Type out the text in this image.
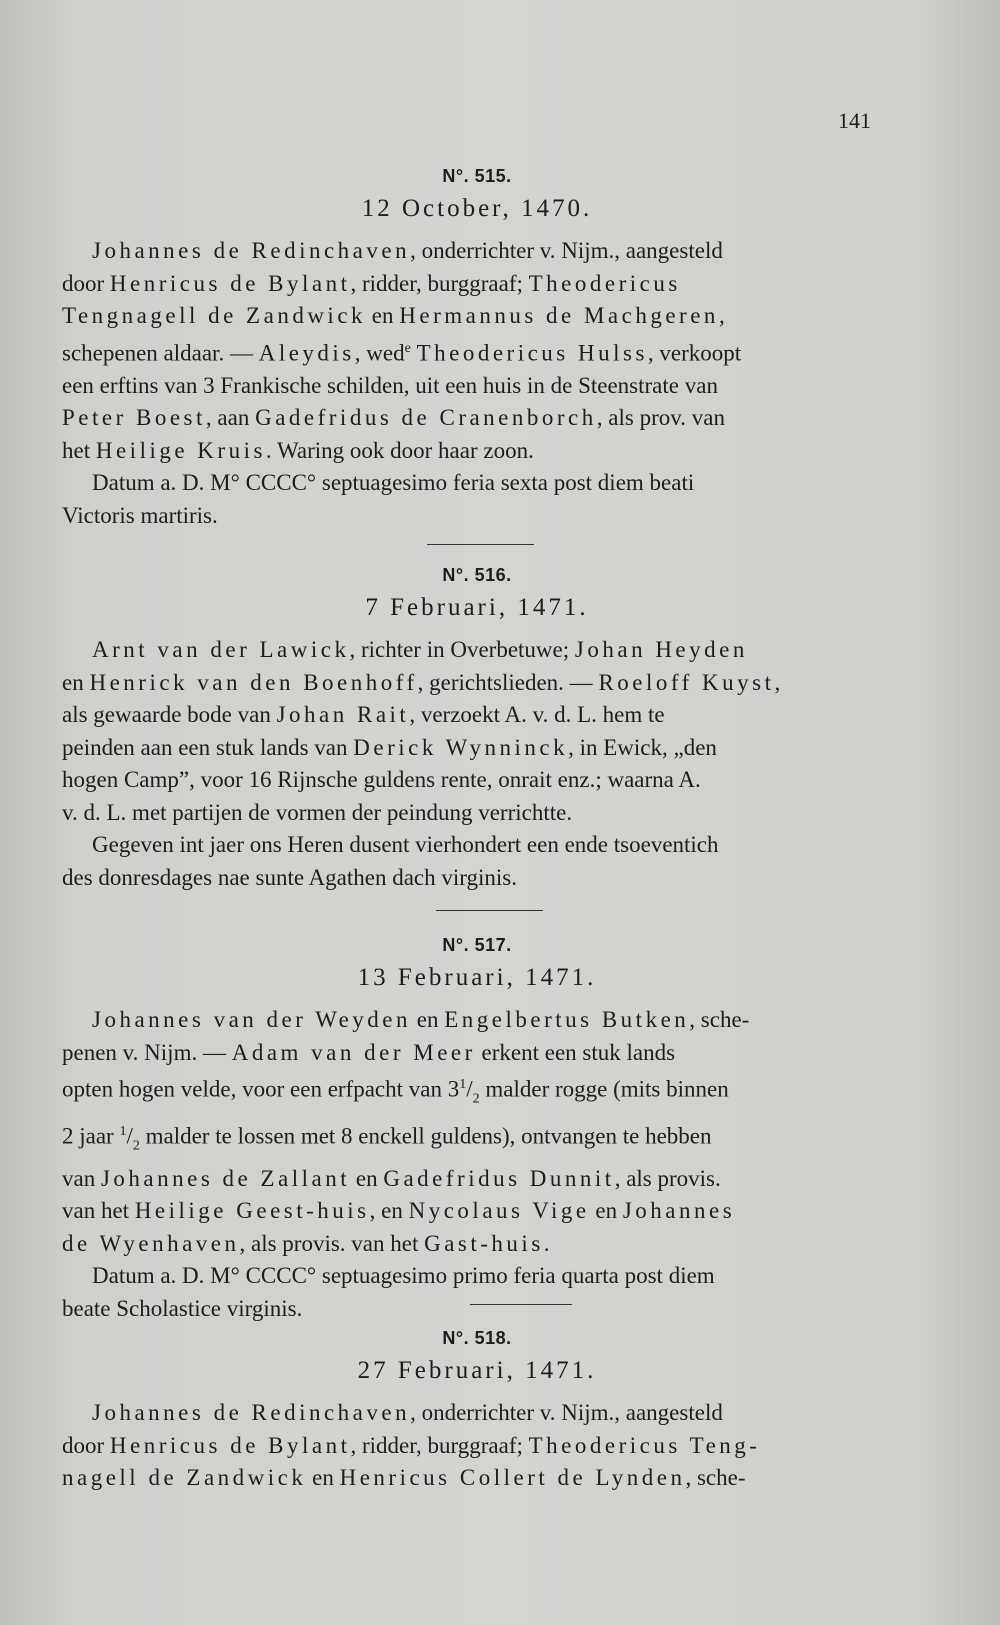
141
N°. 515.
12 October, 1470.

Johannes de Redinchaven, onderrichter v. Nijm., aangesteld

door Henricus de Bylant, ridder, burggraaf; Theodericus

Tengnagell de Zandwick en Hermannus de Machgeren,

schepenen aldaar. — Aleydis, wed$^e$ Theodericus Hulss, verkoopt

een erftins van 3 Frankische schilden, uit een huis in de Steenstrate van

Peter Boest, aan Gadefridus de Cranenborch, als prov. van

het Heilige Kruis. Waring ook door haar zoon.

Datum a. D. M° CCCC° septuagesimo feria sexta post diem beati

Victoris martiris.

N°. 516.
7 Februari, 1471.

Arnt van der Lawick, richter in Overbetuwe; Johan Heyden

en Henrick van den Boenhoff, gerichtslieden. — Roeloff Kuyst,

als gewaarde bode van Johan Rait, verzoekt A. v. d. L. hem te

peinden aan een stuk lands van Derick Wynninck, in Ewick, „den

hogen Camp”, voor 16 Rijnsche guldens rente, onrait enz.; waarna A.

v. d. L. met partijen de vormen der peindung verrichtte.

Gegeven int jaer ons Heren dusent vierhondert een ende tsoeventich

des donresdages nae sunte Agathen dach virginis.

N°. 517.
13 Februari, 1471.

Johannes van der Weyden en Engelbertus Butken, sche-

penen v. Nijm. — Adam van der Meer erkent een stuk lands

opten hogen velde, voor een erfpacht van $3^1/_2$ malder rogge (mits binnen

2 jaar $^1/_2$ malder te lossen met 8 enckell guldens), ontvangen te hebben

van Johannes de Zallant en Gadefridus Dunnit, als provis.

van het Heilige Geest-huis, en Nycolaus Vige en Johannes

de Wyenhaven, als provis. van het Gast-huis.

Datum a. D. M° CCCC° septuagesimo primo feria quarta post diem

beate Scholastice virginis.

N°. 518.
27 Februari, 1471.

Johannes de Redinchaven, onderrichter v. Nijm., aangesteld

door Henricus de Bylant, ridder, burggraaf; Theodericus Teng-

nagell de Zandwick en Henricus Collert de Lynden, sche-
